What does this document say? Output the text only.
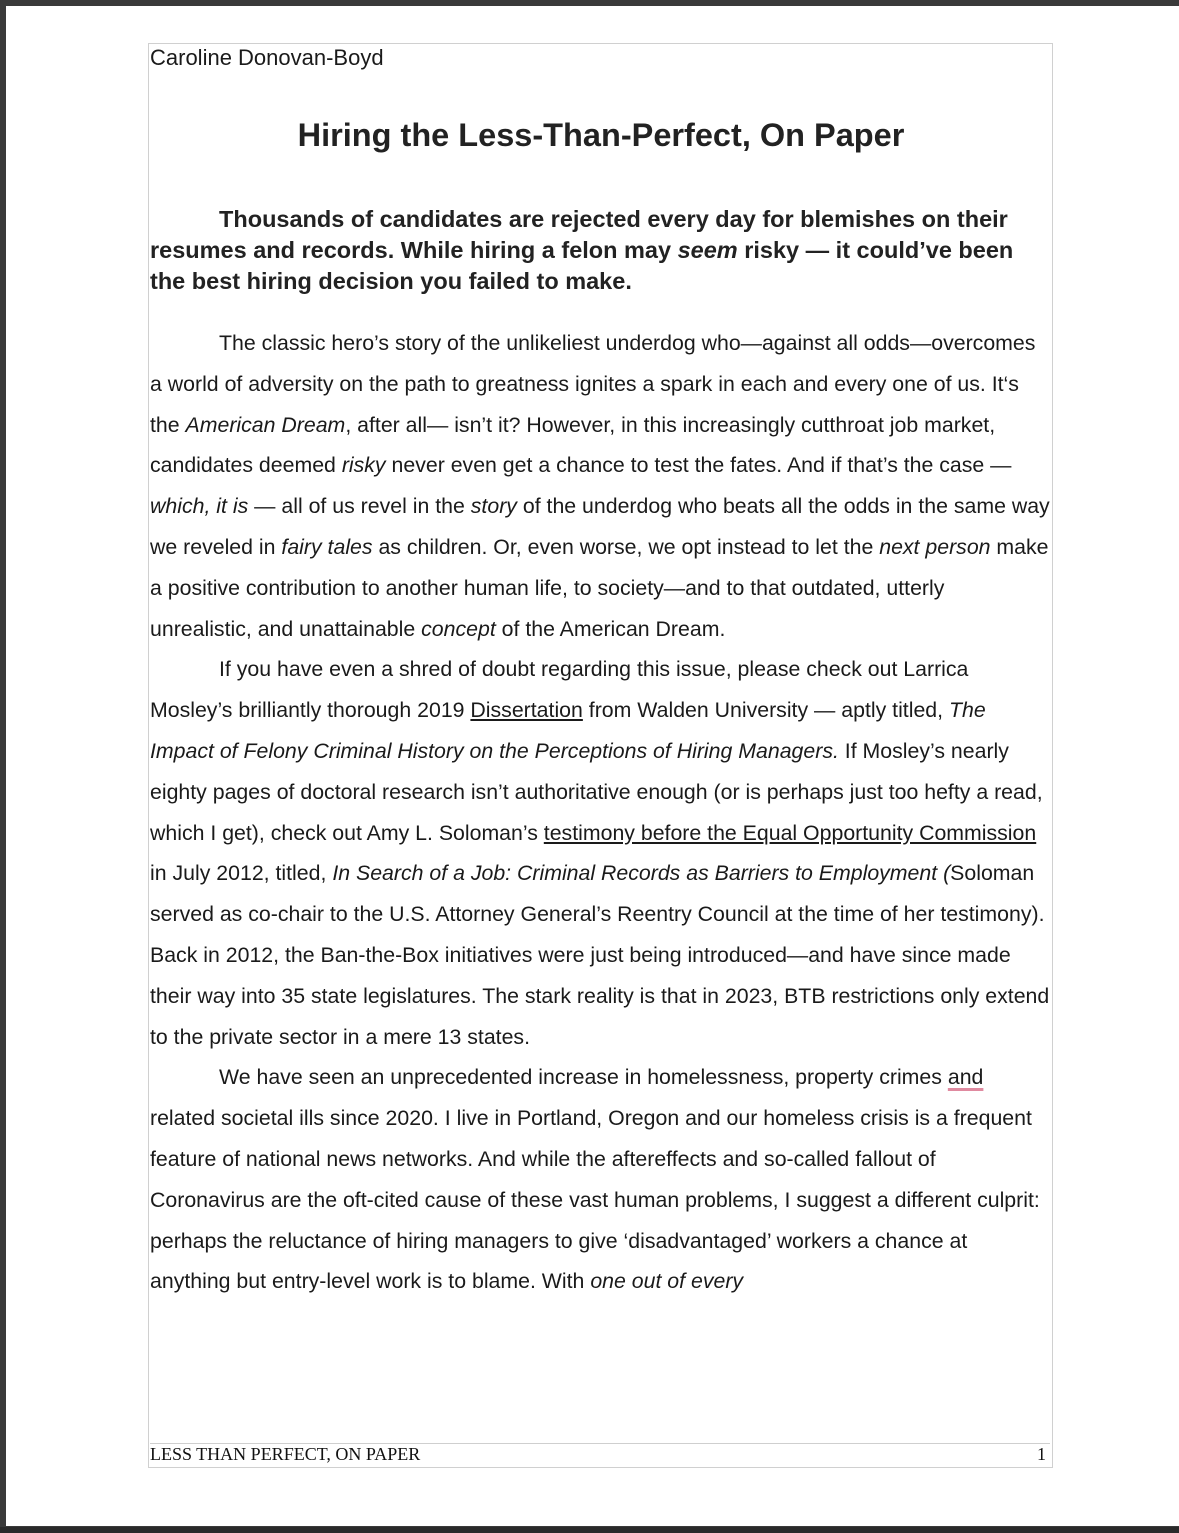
Caroline Donovan-Boyd

Hiring the Less-Than-Perfect, On Paper

Thousands of candidates are rejected every day for blemishes on their resumes and records. While hiring a felon may seem risky — it could’ve been the best hiring decision you failed to make.

The classic hero’s story of the unlikeliest underdog who—against all odds—overcomes a world of adversity on the path to greatness ignites a spark in each and every one of us. It‘s the American Dream, after all— isn’t it? However, in this increasingly cutthroat job market, candidates deemed risky never even get a chance to test the fates. And if that’s the case — which, it is — all of us revel in the story of the underdog who beats all the odds in the same way we reveled in fairy tales as children. Or, even worse, we opt instead to let the next person make a positive contribution to another human life, to society—and to that outdated, utterly unrealistic, and unattainable concept of the American Dream.

If you have even a shred of doubt regarding this issue, please check out Larrica Mosley’s brilliantly thorough 2019 Dissertation from Walden University — aptly titled, The Impact of Felony Criminal History on the Perceptions of Hiring Managers. If Mosley’s nearly eighty pages of doctoral research isn’t authoritative enough (or is perhaps just too hefty a read, which I get), check out Amy L. Soloman’s testimony before the Equal Opportunity Commission in July 2012, titled, In Search of a Job: Criminal Records as Barriers to Employment (Soloman served as co-chair to the U.S. Attorney General’s Reentry Council at the time of her testimony). Back in 2012, the Ban-the-Box initiatives were just being introduced—and have since made their way into 35 state legislatures. The stark reality is that in 2023, BTB restrictions only extend to the private sector in a mere 13 states.

We have seen an unprecedented increase in homelessness, property crimes and related societal ills since 2020. I live in Portland, Oregon and our homeless crisis is a frequent feature of national news networks. And while the aftereffects and so-called fallout of Coronavirus are the oft-cited cause of these vast human problems, I suggest a different culprit: perhaps the reluctance of hiring managers to give ‘disadvantaged’ workers a chance at anything but entry-level work is to blame. With one out of every

LESS THAN PERFECT, ON PAPER	1
